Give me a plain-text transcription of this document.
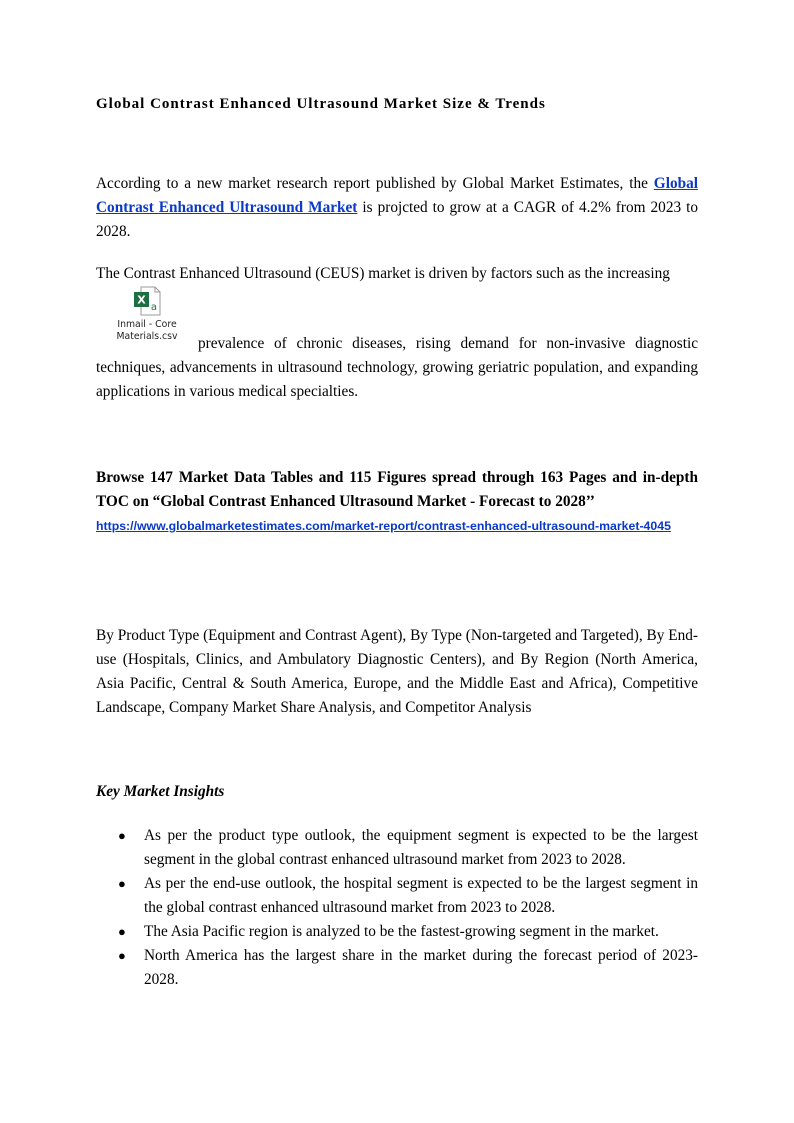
Global Contrast Enhanced Ultrasound Market Size & Trends

According to a new market research report published by Global Market Estimates, the Global Contrast Enhanced Ultrasound Market is projcted to grow at a CAGR of 4.2% from 2023 to 2028.

The Contrast Enhanced Ultrasound (CEUS) market is driven by factors such as the increasing

X
a
Inmail - Core Materials.csv	prevalence of chronic diseases, rising demand for non-invasive diagnostic techniques, advancements in ultrasound technology, growing geriatric population, and expanding applications in various medical specialties.

Browse 147 Market Data Tables and 115 Figures spread through 163 Pages and in-depth TOC on “Global Contrast Enhanced Ultrasound Market - Forecast to 2028’’
https://www.globalmarketestimates.com/market-report/contrast-enhanced-ultrasound-market-4045

By Product Type (Equipment and Contrast Agent), By Type (Non-targeted and Targeted), By End-use (Hospitals, Clinics, and Ambulatory Diagnostic Centers), and By Region (North America, Asia Pacific, Central & South America, Europe, and the Middle East and Africa), Competitive Landscape, Company Market Share Analysis, and Competitor Analysis

Key Market Insights

● As per the product type outlook, the equipment segment is expected to be the largest segment in the global contrast enhanced ultrasound market from 2023 to 2028.
● As per the end-use outlook, the hospital segment is expected to be the largest segment in the global contrast enhanced ultrasound market from 2023 to 2028.
● The Asia Pacific region is analyzed to be the fastest-growing segment in the market.
● North America has the largest share in the market during the forecast period of 2023-2028.
